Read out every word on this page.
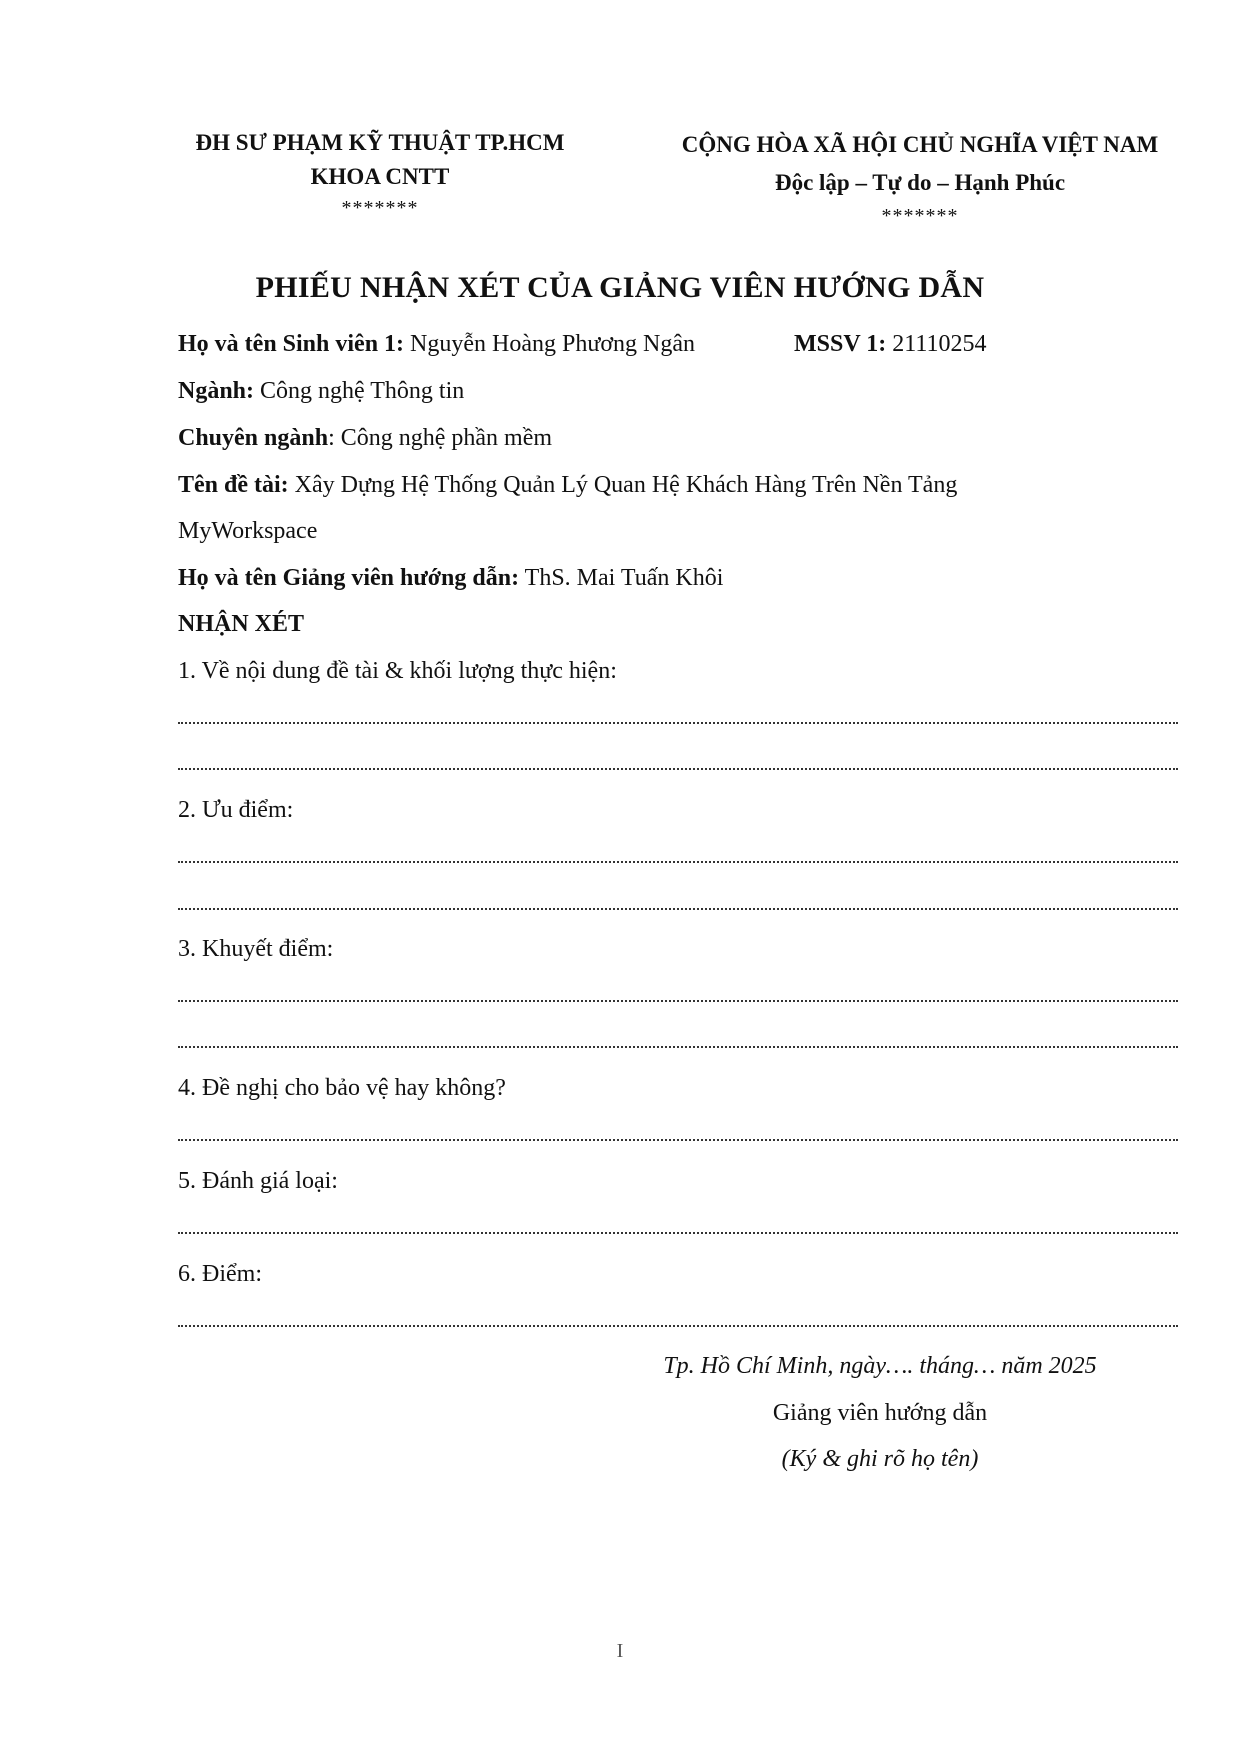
ĐH SƯ PHẠM KỸ THUẬT TP.HCM
KHOA CNTT
*******
CỘNG HÒA XÃ HỘI CHỦ NGHĨA VIỆT NAM
Độc lập – Tự do – Hạnh Phúc
*******
PHIẾU NHẬN XÉT CỦA GIẢNG VIÊN HƯỚNG DẪN
Họ và tên Sinh viên 1: Nguyễn Hoàng Phương Ngân	MSSV 1: 21110254
Ngành: Công nghệ Thông tin
Chuyên ngành: Công nghệ phần mềm
Tên đề tài: Xây Dựng Hệ Thống Quản Lý Quan Hệ Khách Hàng Trên Nền Tảng
MyWorkspace
Họ và tên Giảng viên hướng dẫn: ThS. Mai Tuấn Khôi
NHẬN XÉT
1. Về nội dung đề tài & khối lượng thực hiện:
2. Ưu điểm:
3. Khuyết điểm:
4. Đề nghị cho bảo vệ hay không?
5. Đánh giá loại:
6. Điểm:
Tp. Hồ Chí Minh, ngày…. tháng… năm 2025
Giảng viên hướng dẫn
(Ký & ghi rõ họ tên)
I
